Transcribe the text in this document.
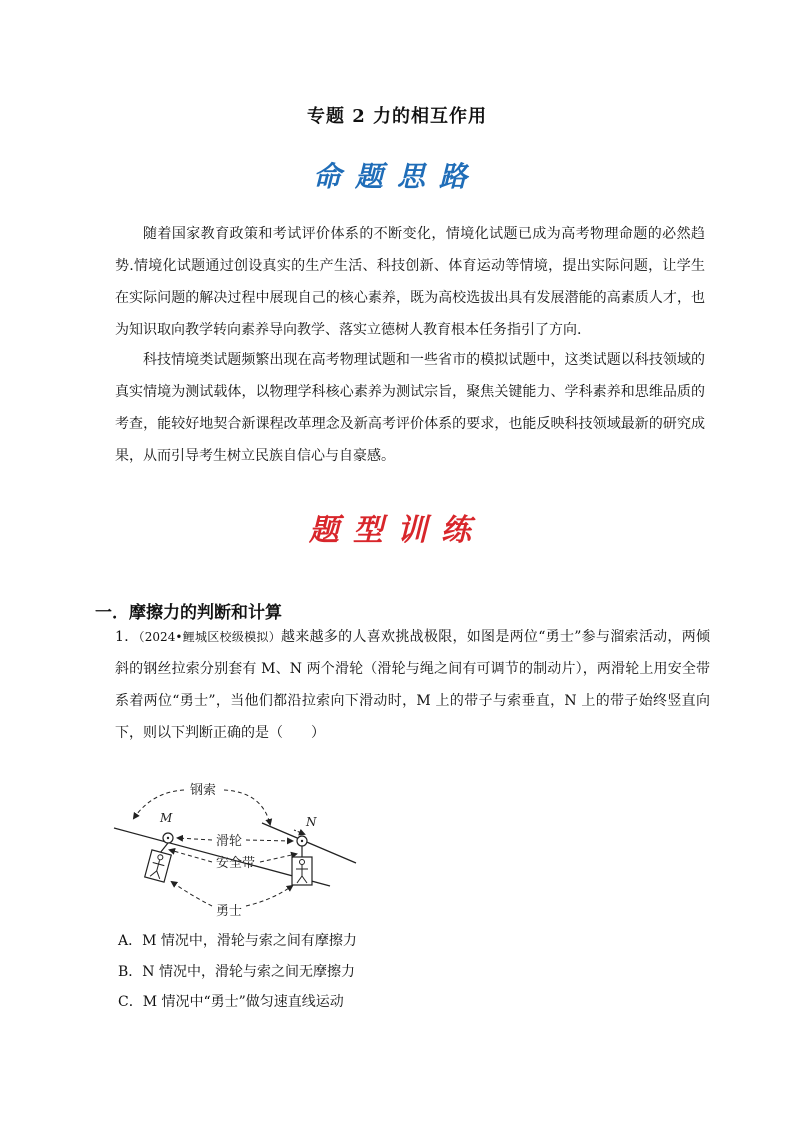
专题 2 力的相互作用
命题思路

随着国家教育政策和考试评价体系的不断变化，情境化试题已成为高考物理命题的必然趋势.情境化试题通过创设真实的生产生活、科技创新、体育运动等情境，提出实际问题，让学生在实际问题的解决过程中展现自己的核心素养，既为高校选拔出具有发展潜能的高素质人才，也为知识取向教学转向素养导向教学、落实立德树人教育根本任务指引了方向.

科技情境类试题频繁出现在高考物理试题和一些省市的模拟试题中，这类试题以科技领域的真实情境为测试载体，以物理学科核心素养为测试宗旨，聚焦关键能力、学科素养和思维品质的考查，能较好地契合新课程改革理念及新高考评价体系的要求，也能反映科技领域最新的研究成果，从而引导考生树立民族自信心与自豪感。

题型训练
一．摩擦力的判断和计算

1．（2024•鲤城区校级模拟）越来越多的人喜欢挑战极限，如图是两位“勇士”参与溜索活动，两倾斜的钢丝拉索分别套有 M、N 两个滑轮（滑轮与绳之间有可调节的制动片），两滑轮上用安全带系着两位“勇士”，当他们都沿拉索向下滑动时，M 上的带子与索垂直，N 上的带子始终竖直向下，则以下判断正确的是（　　）

钢索
M	N
滑轮
安全带
勇士
A．M 情况中，滑轮与索之间有摩擦力
B．N 情况中，滑轮与索之间无摩擦力
C．M 情况中“勇士”做匀速直线运动
